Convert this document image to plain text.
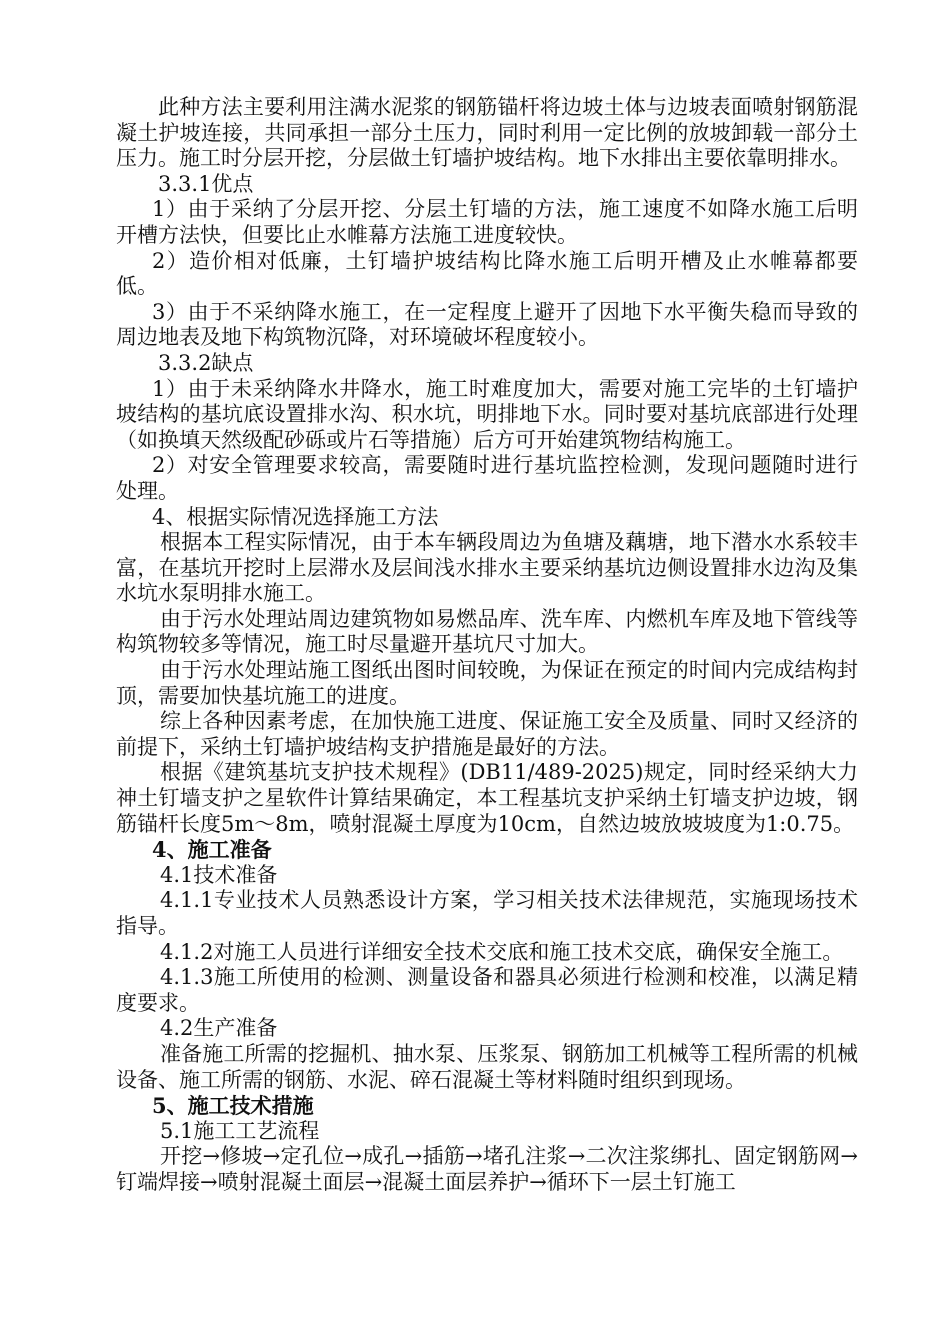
此种方法主要利用注满水泥浆的钢筋锚杆将边坡土体与边坡表面喷射钢筋混凝土护坡连接，共同承担一部分土压力，同时利用一定比例的放坡卸载一部分土压力。施工时分层开挖，分层做土钉墙护坡结构。地下水排出主要依靠明排水。

3.3.1优点

1）由于采纳了分层开挖、分层土钉墙的方法，施工速度不如降水施工后明开槽方法快，但要比止水帷幕方法施工进度较快。

2）造价相对低廉，土钉墙护坡结构比降水施工后明开槽及止水帷幕都要低。

3）由于不采纳降水施工，在一定程度上避开了因地下水平衡失稳而导致的周边地表及地下构筑物沉降，对环境破坏程度较小。

3.3.2缺点

1）由于未采纳降水井降水，施工时难度加大，需要对施工完毕的土钉墙护坡结构的基坑底设置排水沟、积水坑，明排地下水。同时要对基坑底部进行处理（如换填天然级配砂砾或片石等措施）后方可开始建筑物结构施工。

2）对安全管理要求较高，需要随时进行基坑监控检测，发现问题随时进行处理。

4、根据实际情况选择施工方法

根据本工程实际情况，由于本车辆段周边为鱼塘及藕塘，地下潜水水系较丰富，在基坑开挖时上层滞水及层间浅水排水主要采纳基坑边侧设置排水边沟及集水坑水泵明排水施工。

由于污水处理站周边建筑物如易燃品库、洗车库、内燃机车库及地下管线等构筑物较多等情况，施工时尽量避开基坑尺寸加大。

由于污水处理站施工图纸出图时间较晚，为保证在预定的时间内完成结构封顶，需要加快基坑施工的进度。

综上各种因素考虑，在加快施工进度、保证施工安全及质量、同时又经济的前提下，采纳土钉墙护坡结构支护措施是最好的方法。

根据《建筑基坑支护技术规程》(DB11/489-2025)规定，同时经采纳大力神土钉墙支护之星软件计算结果确定，本工程基坑支护采纳土钉墙支护边坡，钢筋锚杆长度5m～8m，喷射混凝土厚度为10cm，自然边坡放坡坡度为1:0.75。

4、施工准备

4.1技术准备

4.1.1专业技术人员熟悉设计方案，学习相关技术法律规范，实施现场技术指导。

4.1.2对施工人员进行详细安全技术交底和施工技术交底，确保安全施工。

4.1.3施工所使用的检测、测量设备和器具必须进行检测和校准，以满足精度要求。

4.2生产准备

准备施工所需的挖掘机、抽水泵、压浆泵、钢筋加工机械等工程所需的机械设备、施工所需的钢筋、水泥、碎石混凝土等材料随时组织到现场。

5、施工技术措施

5.1施工工艺流程

开挖→修坡→定孔位→成孔→插筋→堵孔注浆→二次注浆绑扎、固定钢筋网→钉端焊接→喷射混凝土面层→混凝土面层养护→循环下一层土钉施工
